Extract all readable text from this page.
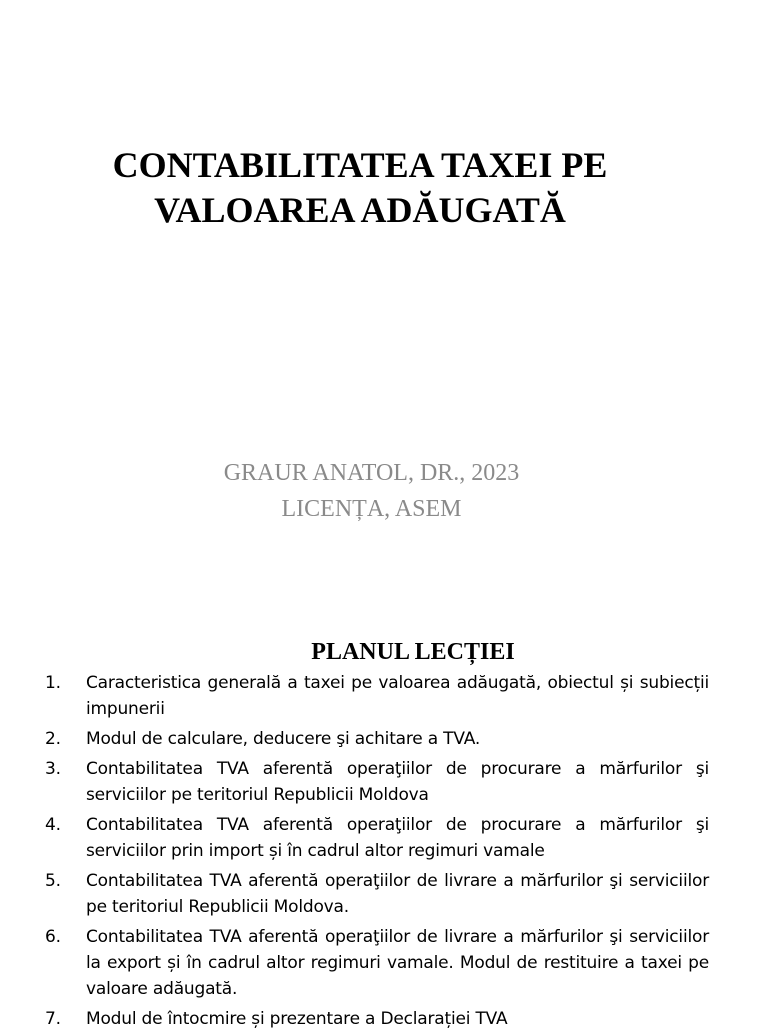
CONTABILITATEA TAXEI PE
VALOAREA ADĂUGATĂ
GRAUR ANATOL, DR., 2023
LICENȚA, ASEM
PLANUL LECȚIEI
1. Caracteristica generală a taxei pe valoarea adăugată, obiectul și subiecții impunerii
2. Modul de calculare, deducere şi achitare a TVA.
3. Contabilitatea TVA aferentă operaţiilor de procurare a mărfurilor şi serviciilor pe teritoriul Republicii Moldova
4. Contabilitatea TVA aferentă operaţiilor de procurare a mărfurilor şi serviciilor prin import și în cadrul altor regimuri vamale
5. Contabilitatea TVA aferentă operaţiilor de livrare a mărfurilor şi serviciilor pe teritoriul Republicii Moldova.
6. Contabilitatea TVA aferentă operaţiilor de livrare a mărfurilor şi serviciilor la export și în cadrul altor regimuri vamale. Modul de restituire a taxei pe valoare adăugată.
7. Modul de întocmire și prezentare a Declarației TVA
